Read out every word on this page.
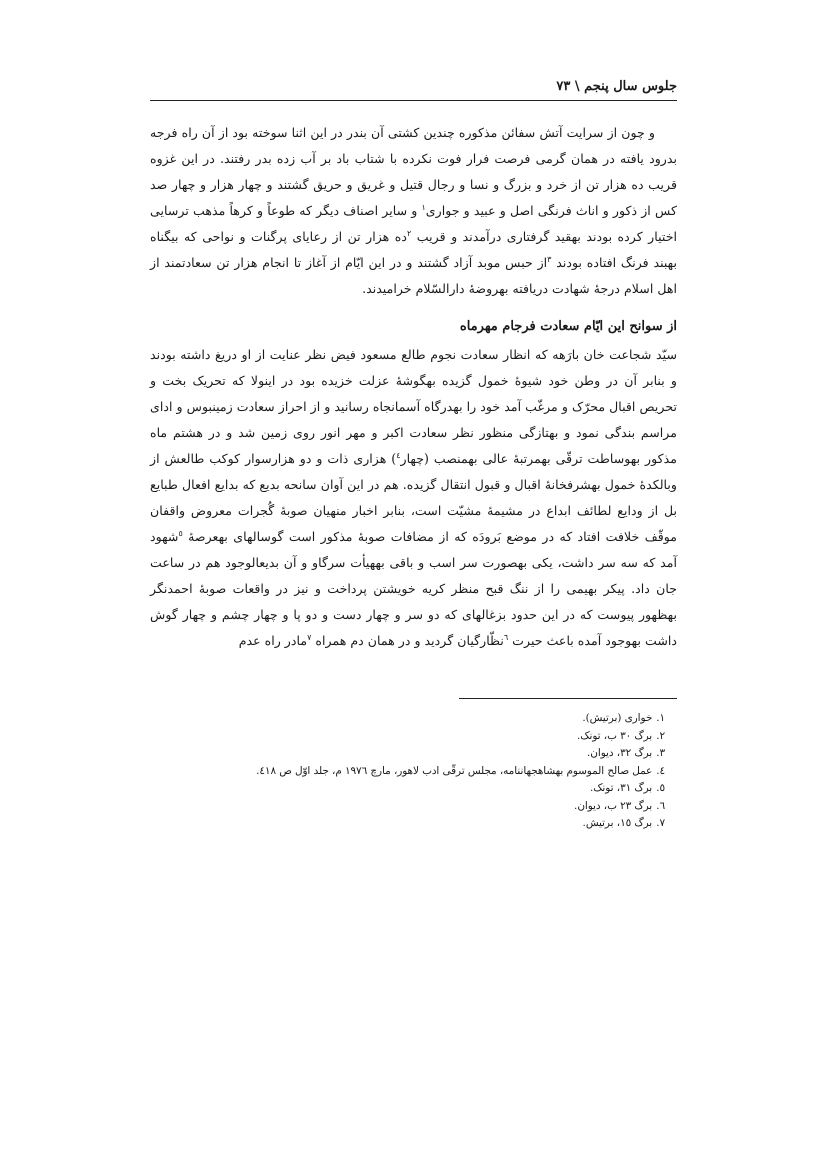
جلوس سال پنجم \ ٧٣

و چون از سرایت آتش سفائن مذکوره چندین کشتی آن بندر در این اثنا سوخته بود از آن راه فرجه بدرود یافته در همان گرمی فرصت فرار فوت نکرده با شتاب باد بر آب زده بدر رفتند. در این غزوه قریب ده هزار تن از خرد و بزرگ و نسا و رجال قتیل و غریق و حریق گشتند و چهار هزار و چهار صد کس از ذکور و اناث فرنگی اصل و عبید و جواری$^١$ و سایر اصناف دیگر که طوعاً و کرهاً مذهب ترسایی اختیار کرده بودند بهقید گرفتاری درآمدند و قریب $^٢$ده هزار تن از رعایای پرگنات و نواحی که بیگناه بهبند فرنگ افتاده بودند $^٣$از حبس موبد آزاد گشتند و در این ایّام از آغاز تا انجام هزار تن سعادتمند از اهل اسلام درجهٔ شهادت دریافته بهروضهٔ دارالسّلام خرامیدند.

از سوانح این ایّام سعادت فرجام مهرماه

سیّد شجاعت خان بارَهه که انظار سعادت نجوم طالع مسعود فیض نظر عنایت از او دریغ داشته بودند و بنابر آن در وطن خود شیوهٔ خمول گزیده بهگوشهٔ عزلت خزیده بود در اینولا که تحریک بخت و تحریص اقبال محرّک و مرغّب آمد خود را بهدرگاه آسمانجاه رسانید و از احراز سعادت زمینبوس و ادای مراسم بندگی نمود و بهتازگی منظور نظر سعادت اکبر و مهر انور روی زمین شد و در هشتم ماه مذکور بهوساطت ترقّی بهمرتبهٔ عالی بهمنصب (چهار$^٤$) هزاری ذات و دو هزارسوار کوکب طالعش از وبالکدهٔ خمول بهشرفخانهٔ اقبال و قبول انتقال گزیده. هم در این آوان سانحه بدیع که بدایع افعال طبایع بل از ودایع لطائف ابداع در مشیمهٔ مشیّت است، بنابر اخبار منهیان صوبهٔ گُجرات معروض واقفان موقّف خلافت افتاد که در موضع بَرودَه که از مضافات صوبهٔ مذکور است گوسالهای بهعرصهٔ $^٥$شهود آمد که سه سر داشت، یکی بهصورت سر اسب و باقی بههیأت سرگاو و آن بدیعالوجود هم در ساعت جان داد. پیکر بهیمی را از ننگ قبح منظر کریه خویشتن پرداخت و نیز در واقعات صوبهٔ احمدنگر بهظهور پیوست که در این حدود بزغالهای که دو سر و چهار دست و دو پا و چهار چشم و چهار گوش داشت بهوجود آمده باعث حیرت $^٦$نظّارگیان گردید و در همان دم همراه $^٧$مادر راه عدم

١.خواری (برتیش).

٢.برگ ٣٠ ب، تونک.

٣.برگ ٣٢، دیوان.

٤.عمل صالح الموسوم بهشاهجهاننامه، مجلس ترقّی ادب لاهور، مارچ ١٩٧٦ م، جلد اوّل ص ٤١٨.

٥.برگ ٣١، تونک.

٦.برگ ٢٣ ب، دیوان.

٧.برگ ١٥، برتیش.
